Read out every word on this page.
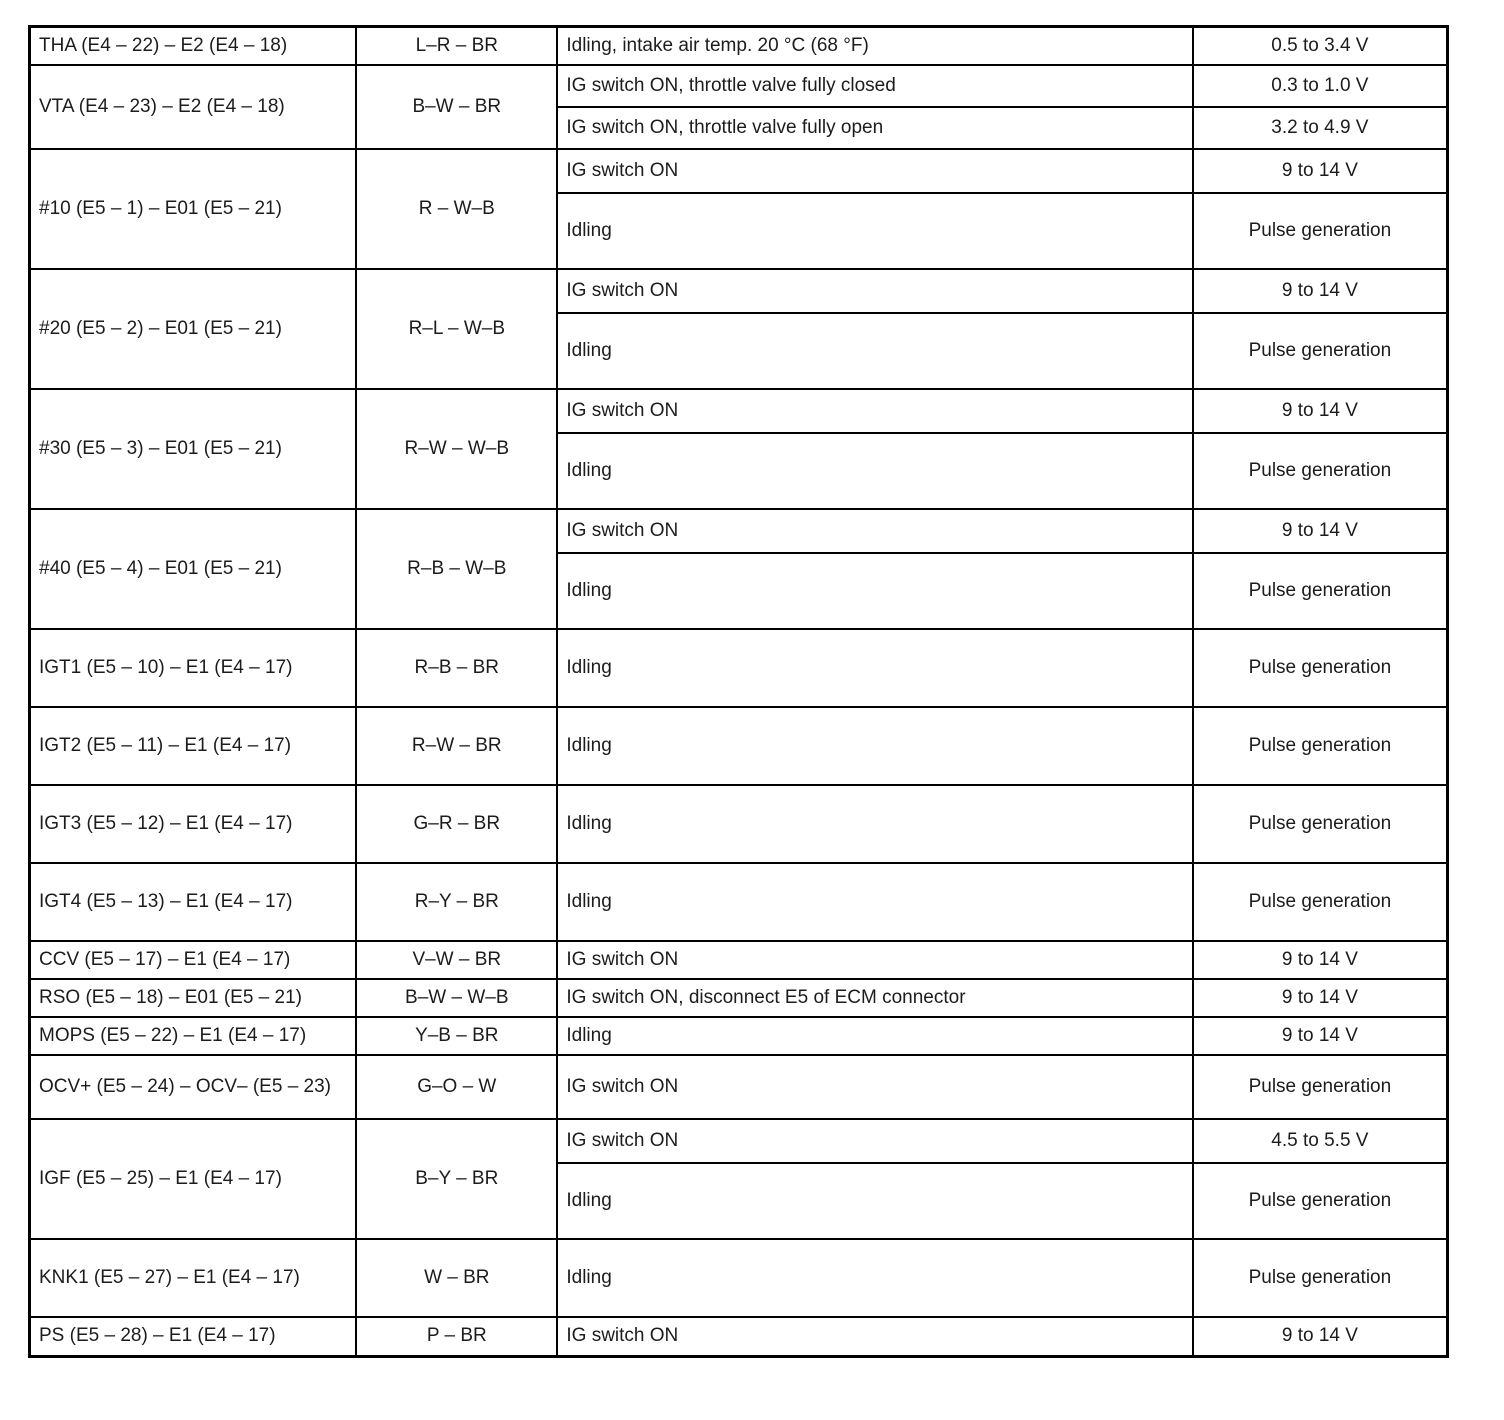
THA (E4 – 22) – E2 (E4 – 18)	L–R – BR	Idling, intake air temp. 20 °C (68 °F)	0.5 to 3.4 V
VTA (E4 – 23) – E2 (E4 – 18)	B–W – BR	IG switch ON, throttle valve fully closed	0.3 to 1.0 V
		IG switch ON, throttle valve fully open	3.2 to 4.9 V
#10 (E5 – 1) – E01 (E5 – 21)	R – W–B	IG switch ON	9 to 14 V
		Idling	Pulse generation
#20 (E5 – 2) – E01 (E5 – 21)	R–L – W–B	IG switch ON	9 to 14 V
		Idling	Pulse generation
#30 (E5 – 3) – E01 (E5 – 21)	R–W – W–B	IG switch ON	9 to 14 V
		Idling	Pulse generation
#40 (E5 – 4) – E01 (E5 – 21)	R–B – W–B	IG switch ON	9 to 14 V
		Idling	Pulse generation
IGT1 (E5 – 10) – E1 (E4 – 17)	R–B – BR	Idling	Pulse generation
IGT2 (E5 – 11) – E1 (E4 – 17)	R–W – BR	Idling	Pulse generation
IGT3 (E5 – 12) – E1 (E4 – 17)	G–R – BR	Idling	Pulse generation
IGT4 (E5 – 13) – E1 (E4 – 17)	R–Y – BR	Idling	Pulse generation
CCV (E5 – 17) – E1 (E4 – 17)	V–W – BR	IG switch ON	9 to 14 V
RSO (E5 – 18) – E01 (E5 – 21)	B–W – W–B	IG switch ON, disconnect E5 of ECM connector	9 to 14 V
MOPS (E5 – 22) – E1 (E4 – 17)	Y–B – BR	Idling	9 to 14 V
OCV+ (E5 – 24) – OCV– (E5 – 23)	G–O – W	IG switch ON	Pulse generation
IGF (E5 – 25) – E1 (E4 – 17)	B–Y – BR	IG switch ON	4.5 to 5.5 V
		Idling	Pulse generation
KNK1 (E5 – 27) – E1 (E4 – 17)	W – BR	Idling	Pulse generation
PS (E5 – 28) – E1 (E4 – 17)	P – BR	IG switch ON	9 to 14 V
